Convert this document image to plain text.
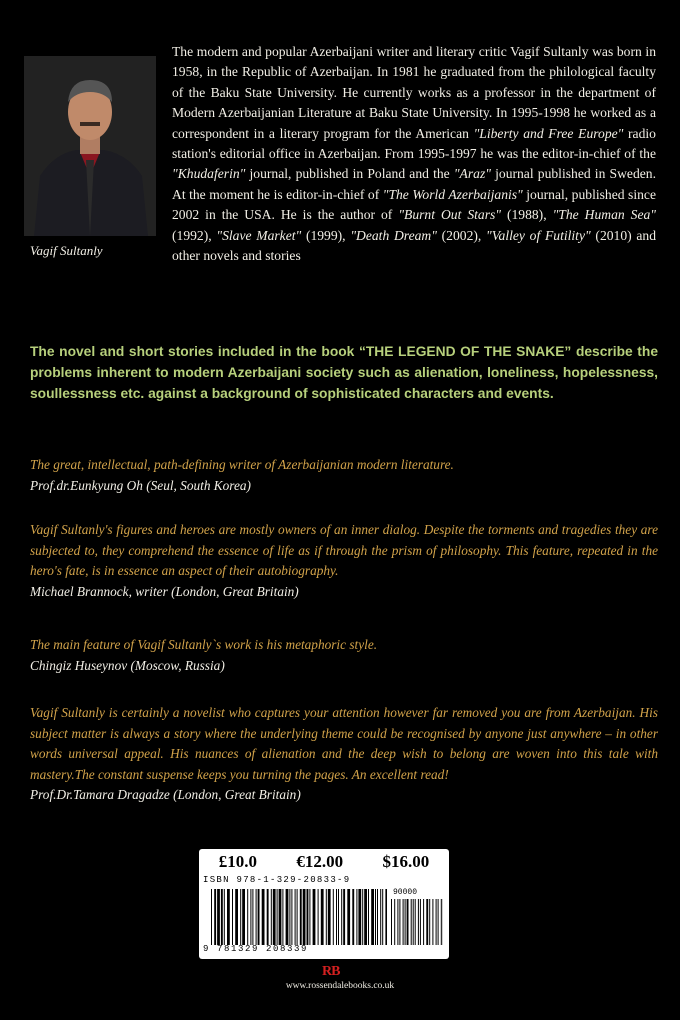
Vagif Sultanly
The modern and popular Azerbaijani writer and literary critic Vagif Sultanly was born in 1958, in the Republic of Azerbaijan. In 1981 he graduated from the philological faculty of the Baku State University. He currently works as a professor in the department of Modern Azerbaijanian Literature at Baku State University. In 1995-1998 he worked as a correspondent in a literary program for the American "Liberty and Free Europe" radio station's editorial office in Azerbaijan. From 1995-1997 he was the editor-in-chief of the "Khudaferin" journal, published in Poland and the "Araz" journal published in Sweden. At the moment he is editor-in-chief of "The World Azerbaijanis" journal, published since 2002 in the USA. He is the author of "Burnt Out Stars" (1988), "The Human Sea" (1992), "Slave Market" (1999), "Death Dream" (2002), "Valley of Futility" (2010) and other novels and stories
The novel and short stories included in the book “THE LEGEND OF THE SNAKE” describe the problems inherent to modern Azerbaijani society such as alienation, loneliness, hopelessness, soullessness etc. against a background of sophisticated characters and events.
The great, intellectual, path-defining writer of Azerbaijanian modern literature.
Prof.dr.Eunkyung Oh (Seul, South Korea)
Vagif Sultanly's figures and heroes are mostly owners of an inner dialog. Despite the torments and tragedies they are subjected to, they comprehend the essence of life as if through the prism of philosophy. This feature, repeated in the hero's fate, is in essence an aspect of their autobiography.
Michael Brannock, writer (London, Great Britain)
The main feature of Vagif Sultanly`s work is his metaphoric style.
Chingiz Huseynov (Moscow, Russia)
Vagif Sultanly is certainly a novelist who captures your attention however far removed you are from Azerbaijan. His subject matter is always a story where the underlying theme could be recognised by anyone just anywhere – in other words universal appeal. His nuances of alienation and the deep wish to belong are woven into this tale with mastery.The constant suspense keeps you turning the pages. An excellent read!
Prof.Dr.Tamara Dragadze (London, Great Britain)
£10.0 €12.00 $16.00
ISBN 978-1-329-20833-9
90000
9 781329 208339
RB
www.rossendalebooks.co.uk
